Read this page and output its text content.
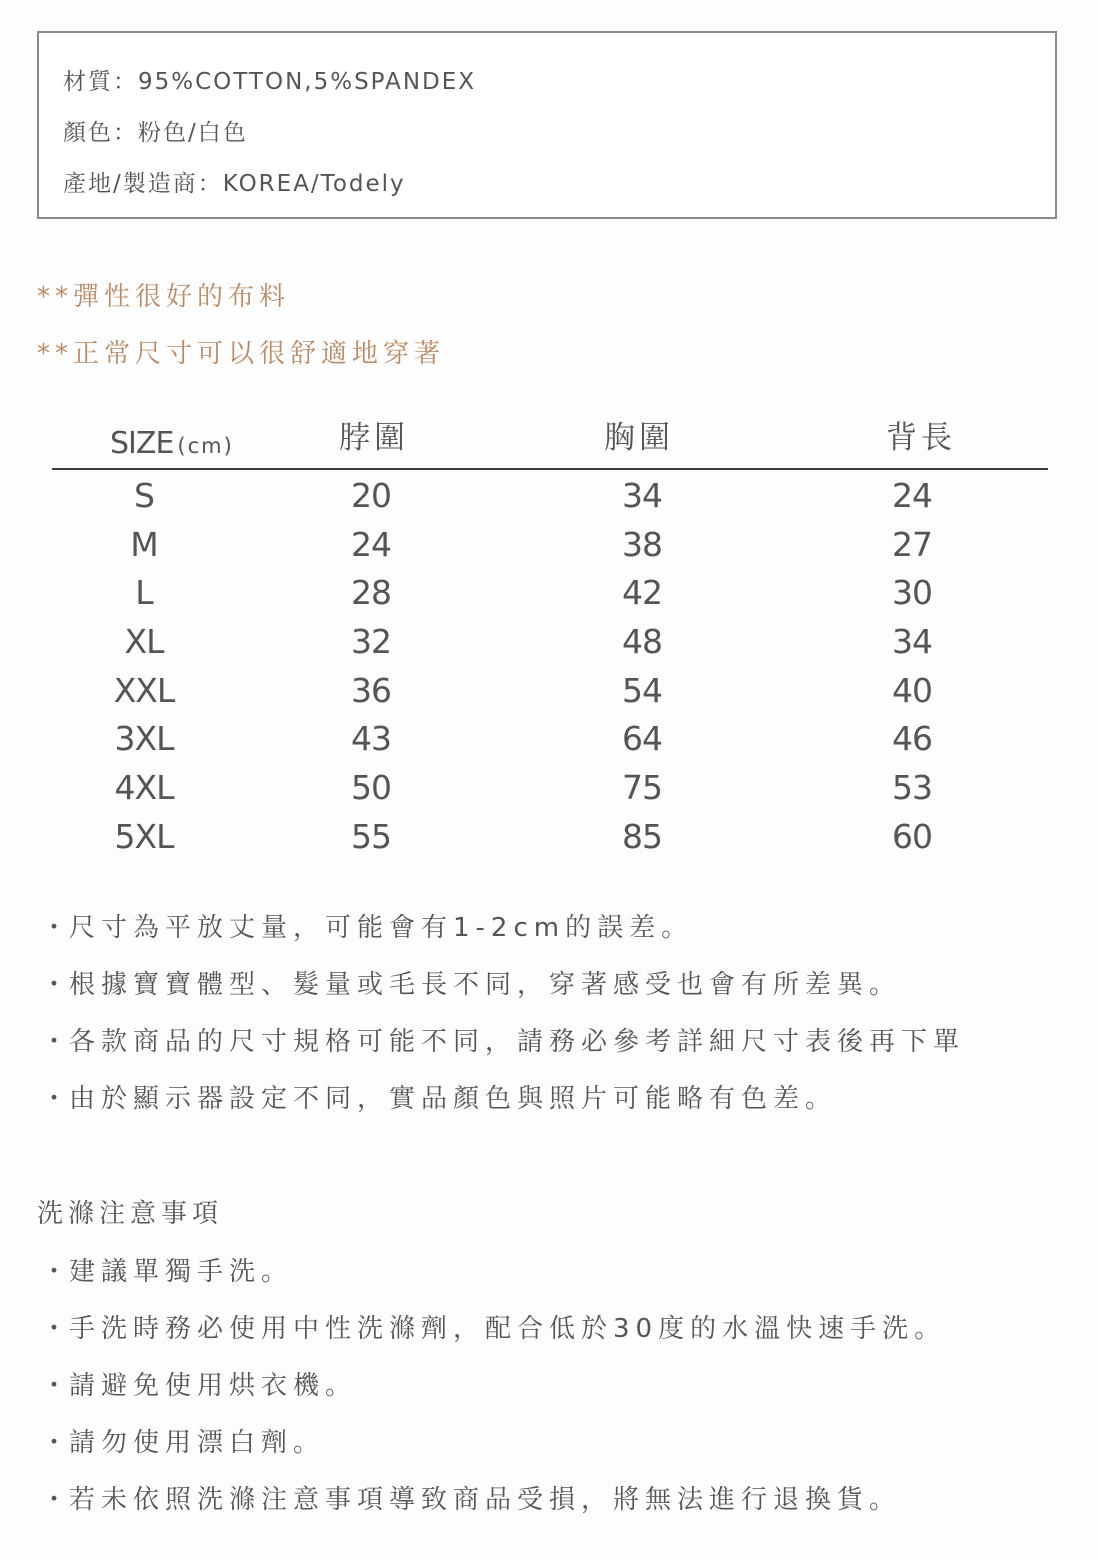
材質：95%COTTON,5%SPANDEX
顏色：粉色/白色
產地/製造商：KOREA/Todely
**彈性很好的布料
**正常尺寸可以很舒適地穿著
SIZE (cm)	脖圍	胸圍	背長
S	20	34	24
M	24	38	27
L	28	42	30
XL	32	48	34
XXL	36	54	40
3XL	43	64	46
4XL	50	75	53
5XL	55	85	60
・尺寸為平放丈量，可能會有1-2cm的誤差。
・根據寶寶體型、髮量或毛長不同，穿著感受也會有所差異。
・各款商品的尺寸規格可能不同，請務必參考詳細尺寸表後再下單
・由於顯示器設定不同，實品顏色與照片可能略有色差。
洗滌注意事項
・建議單獨手洗。
・手洗時務必使用中性洗滌劑，配合低於30度的水溫快速手洗。
・請避免使用烘衣機。
・請勿使用漂白劑。
・若未依照洗滌注意事項導致商品受損，將無法進行退換貨。
